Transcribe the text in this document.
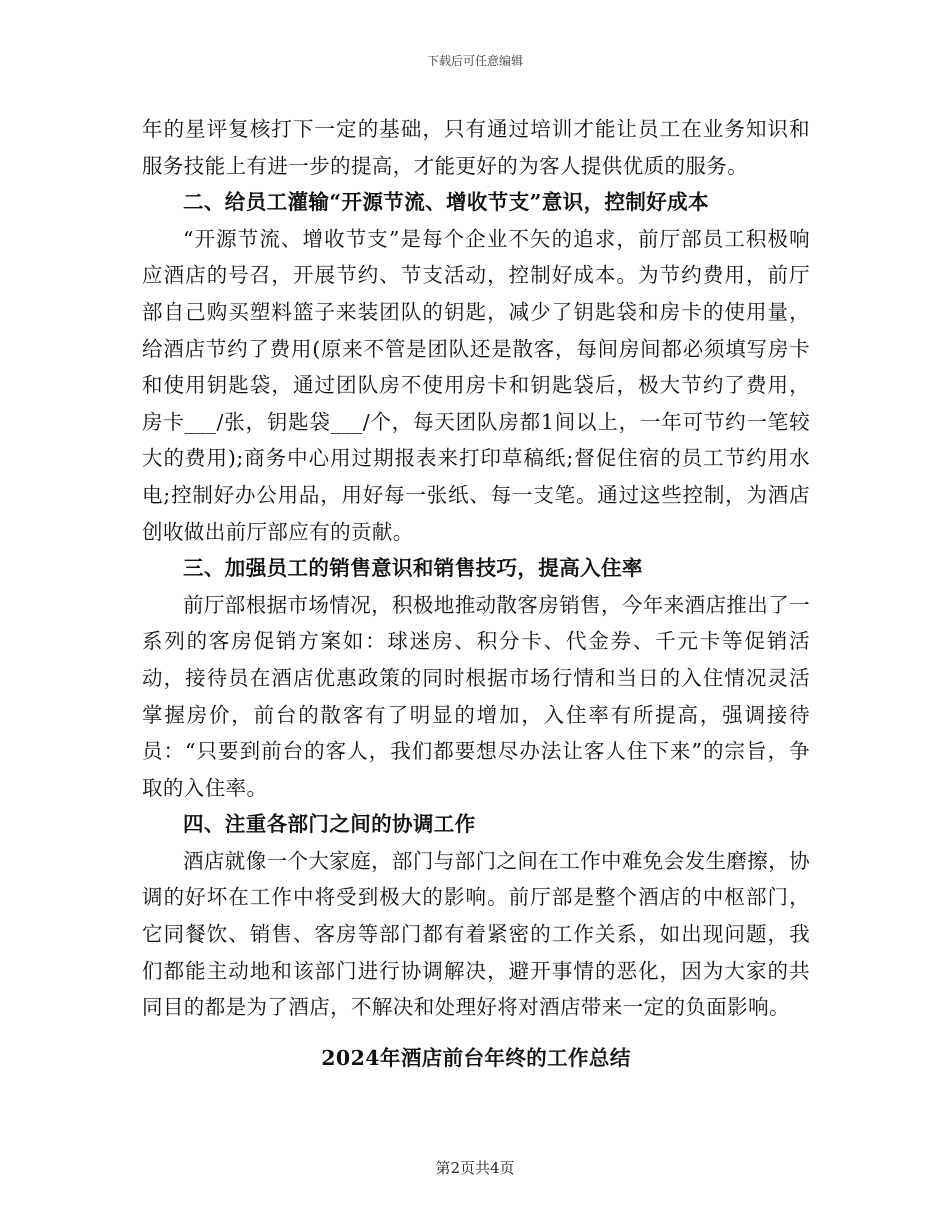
下载后可任意编辑

年的星评复核打下一定的基础，只有通过培训才能让员工在业务知识和服务技能上有进一步的提高，才能更好的为客人提供优质的服务。

二、给员工灌输“开源节流、增收节支”意识，控制好成本

“开源节流、增收节支”是每个企业不矢的追求，前厅部员工积极响应酒店的号召，开展节约、节支活动，控制好成本。为节约费用，前厅部自己购买塑料篮子来装团队的钥匙，减少了钥匙袋和房卡的使用量，给酒店节约了费用(原来不管是团队还是散客，每间房间都必须填写房卡和使用钥匙袋，通过团队房不使用房卡和钥匙袋后，极大节约了费用，房卡___/张，钥匙袋___/个，每天团队房都1间以上，一年可节约一笔较大的费用);商务中心用过期报表来打印草稿纸;督促住宿的员工节约用水电;控制好办公用品，用好每一张纸、每一支笔。通过这些控制，为酒店创收做出前厅部应有的贡献。

三、加强员工的销售意识和销售技巧，提高入住率

前厅部根据市场情况，积极地推动散客房销售，今年来酒店推出了一系列的客房促销方案如：球迷房、积分卡、代金券、千元卡等促销活动，接待员在酒店优惠政策的同时根据市场行情和当日的入住情况灵活掌握房价，前台的散客有了明显的增加，入住率有所提高，强调接待员：“只要到前台的客人，我们都要想尽办法让客人住下来”的宗旨，争取的入住率。

四、注重各部门之间的协调工作

酒店就像一个大家庭，部门与部门之间在工作中难免会发生磨擦，协调的好坏在工作中将受到极大的影响。前厅部是整个酒店的中枢部门，它同餐饮、销售、客房等部门都有着紧密的工作关系，如出现问题，我们都能主动地和该部门进行协调解决，避开事情的恶化，因为大家的共同目的都是为了酒店，不解决和处理好将对酒店带来一定的负面影响。

2024年酒店前台年终的工作总结

第2页共4页
